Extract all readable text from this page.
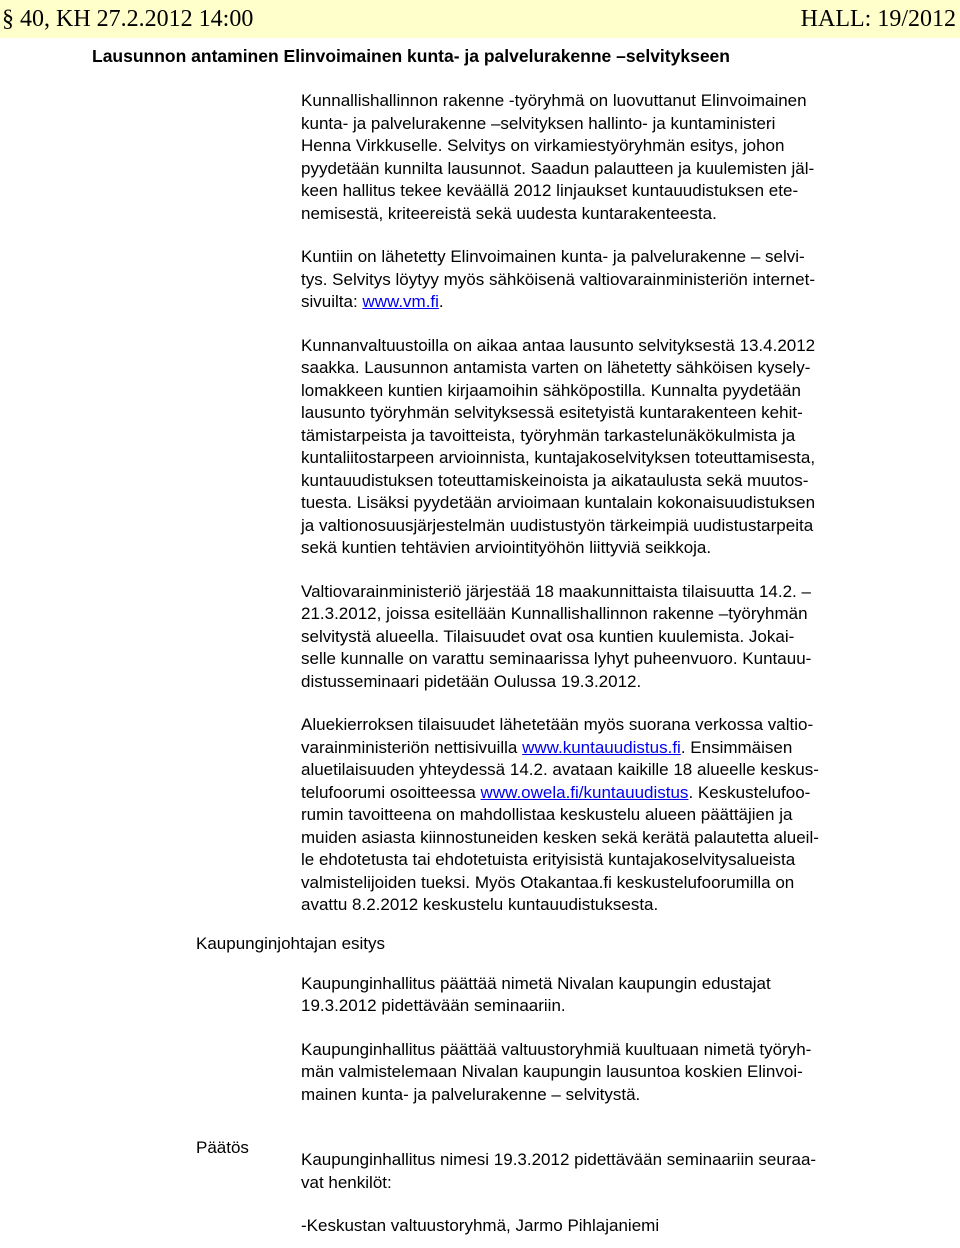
§ 40, KH 27.2.2012 14:00	HALL: 19/2012
Lausunnon antaminen Elinvoimainen kunta- ja palvelurakenne –selvitykseen
Kaupunginjohtajan esitys
Päätös

Kunnallishallinnon rakenne -työryhmä on luovuttanut Elinvoimainen
kunta- ja palvelurakenne –selvityksen hallinto- ja kuntaministeri
Henna Virkkuselle. Selvitys on virkamiestyöryhmän esitys, johon
pyydetään kunnilta lausunnot. Saadun palautteen ja kuulemisten jäl-
keen hallitus tekee keväällä 2012 linjaukset kuntauudistuksen ete-
nemisestä, kriteereistä sekä uudesta kuntarakenteesta.

Kuntiin on lähetetty Elinvoimainen kunta- ja palvelurakenne – selvi-
tys. Selvitys löytyy myös sähköisenä valtiovarainministeriön internet-
sivuilta: www.vm.fi.

Kunnanvaltuustoilla on aikaa antaa lausunto selvityksestä 13.4.2012
saakka. Lausunnon antamista varten on lähetetty sähköisen kysely-
lomakkeen kuntien kirjaamoihin sähköpostilla. Kunnalta pyydetään
lausunto työryhmän selvityksessä esitetyistä kuntarakenteen kehit-
tämistarpeista ja tavoitteista, työryhmän tarkastelunäkökulmista ja
kuntaliitostarpeen arvioinnista, kuntajakoselvityksen toteuttamisesta,
kuntauudistuksen toteuttamiskeinoista ja aikataulusta sekä muutos-
tuesta. Lisäksi pyydetään arvioimaan kuntalain kokonaisuudistuksen
ja valtionosuusjärjestelmän uudistustyön tärkeimpiä uudistustarpeita
sekä kuntien tehtävien arviointityöhön liittyviä seikkoja.

Valtiovarainministeriö järjestää 18 maakunnittaista tilaisuutta 14.2. –
21.3.2012, joissa esitellään Kunnallishallinnon rakenne –työryhmän
selvitystä alueella. Tilaisuudet ovat osa kuntien kuulemista. Jokai-
selle kunnalle on varattu seminaarissa lyhyt puheenvuoro. Kuntauu-
distusseminaari pidetään Oulussa 19.3.2012.

Aluekierroksen tilaisuudet lähetetään myös suorana verkossa valtio-
varainministeriön nettisivuilla www.kuntauudistus.fi. Ensimmäisen
aluetilaisuuden yhteydessä 14.2. avataan kaikille 18 alueelle keskus-
telufoorumi osoitteessa www.owela.fi/kuntauudistus. Keskustelufoo-
rumin tavoitteena on mahdollistaa keskustelu alueen päättäjien ja
muiden asiasta kiinnostuneiden kesken sekä kerätä palautetta alueil-
le ehdotetusta tai ehdotetuista erityisistä kuntajakoselvitysalueista
valmistelijoiden tueksi. Myös Otakantaa.fi keskustelufoorumilla on
avattu 8.2.2012 keskustelu kuntauudistuksesta.

Kaupunginhallitus päättää nimetä Nivalan kaupungin edustajat
19.3.2012 pidettävään seminaariin.

Kaupunginhallitus päättää valtuustoryhmiä kuultuaan nimetä työryh-
män valmistelemaan Nivalan kaupungin lausuntoa koskien Elinvoi-
mainen kunta- ja palvelurakenne – selvitystä.

Kaupunginhallitus nimesi 19.3.2012 pidettävään seminaariin seuraa-
vat henkilöt:

-Keskustan valtuustoryhmä, Jarmo Pihlajaniemi
